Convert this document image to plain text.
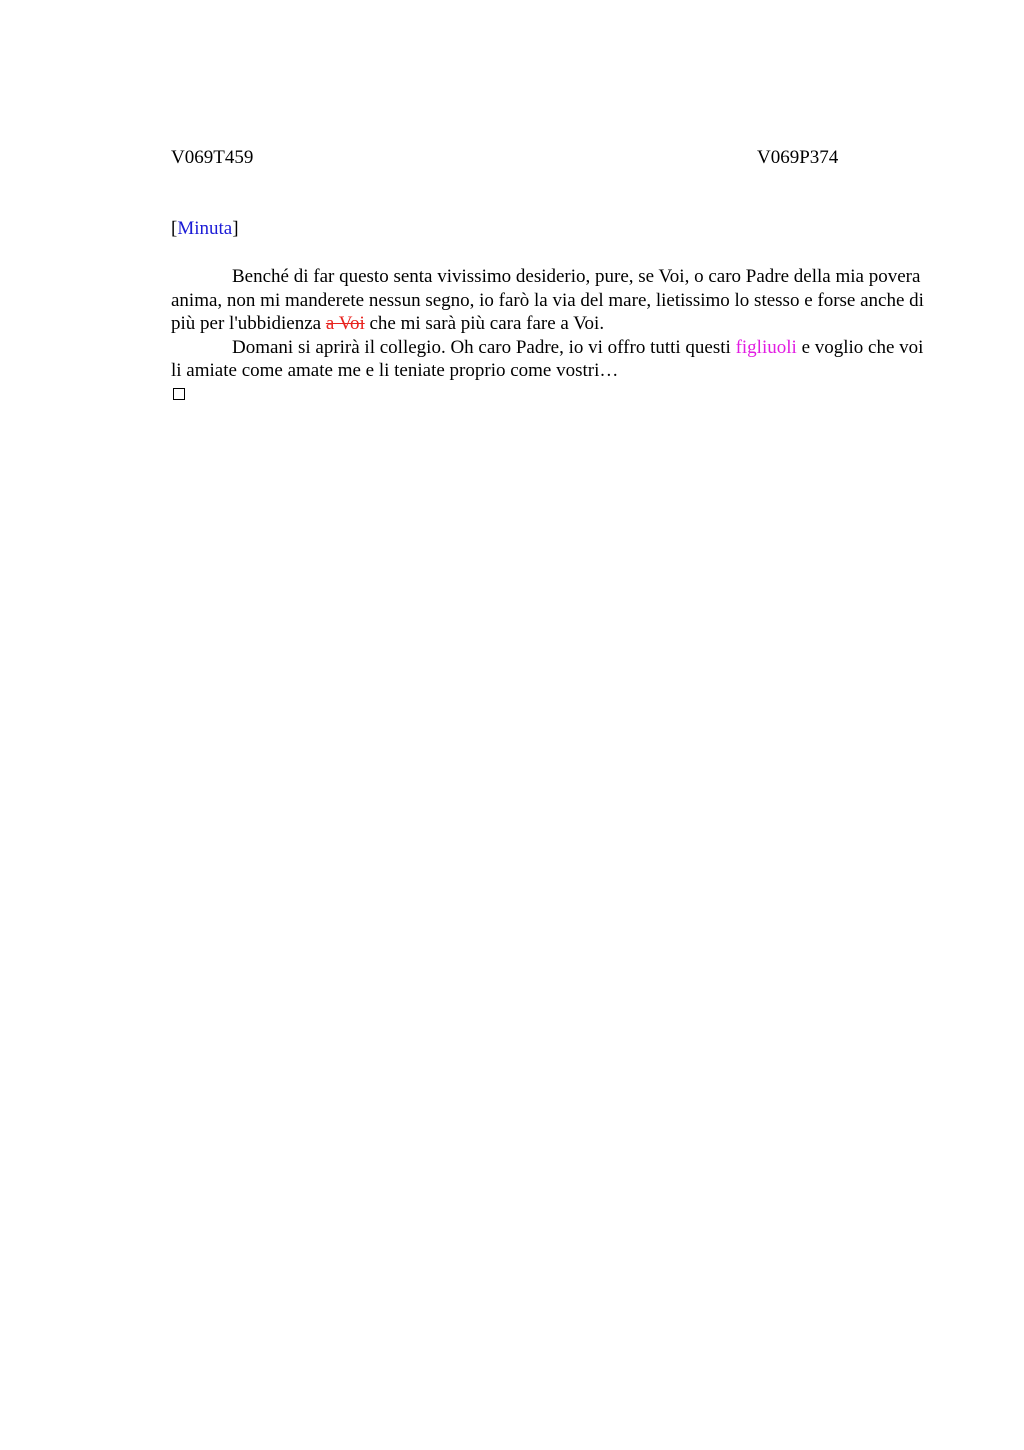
V069T459	V069P374
[Minuta]

Benché di far questo senta vivissimo desiderio, pure, se Voi, o caro Padre della mia povera anima, non mi manderete nessun segno, io farò la via del mare, lietissimo lo stesso e forse anche di più per l'ubbidienza a Voi che mi sarà più cara fare a Voi.

Domani si aprirà il collegio. Oh caro Padre, io vi offro tutti questi figliuoli e voglio che voi li amiate come amate me e li teniate proprio come vostri…
